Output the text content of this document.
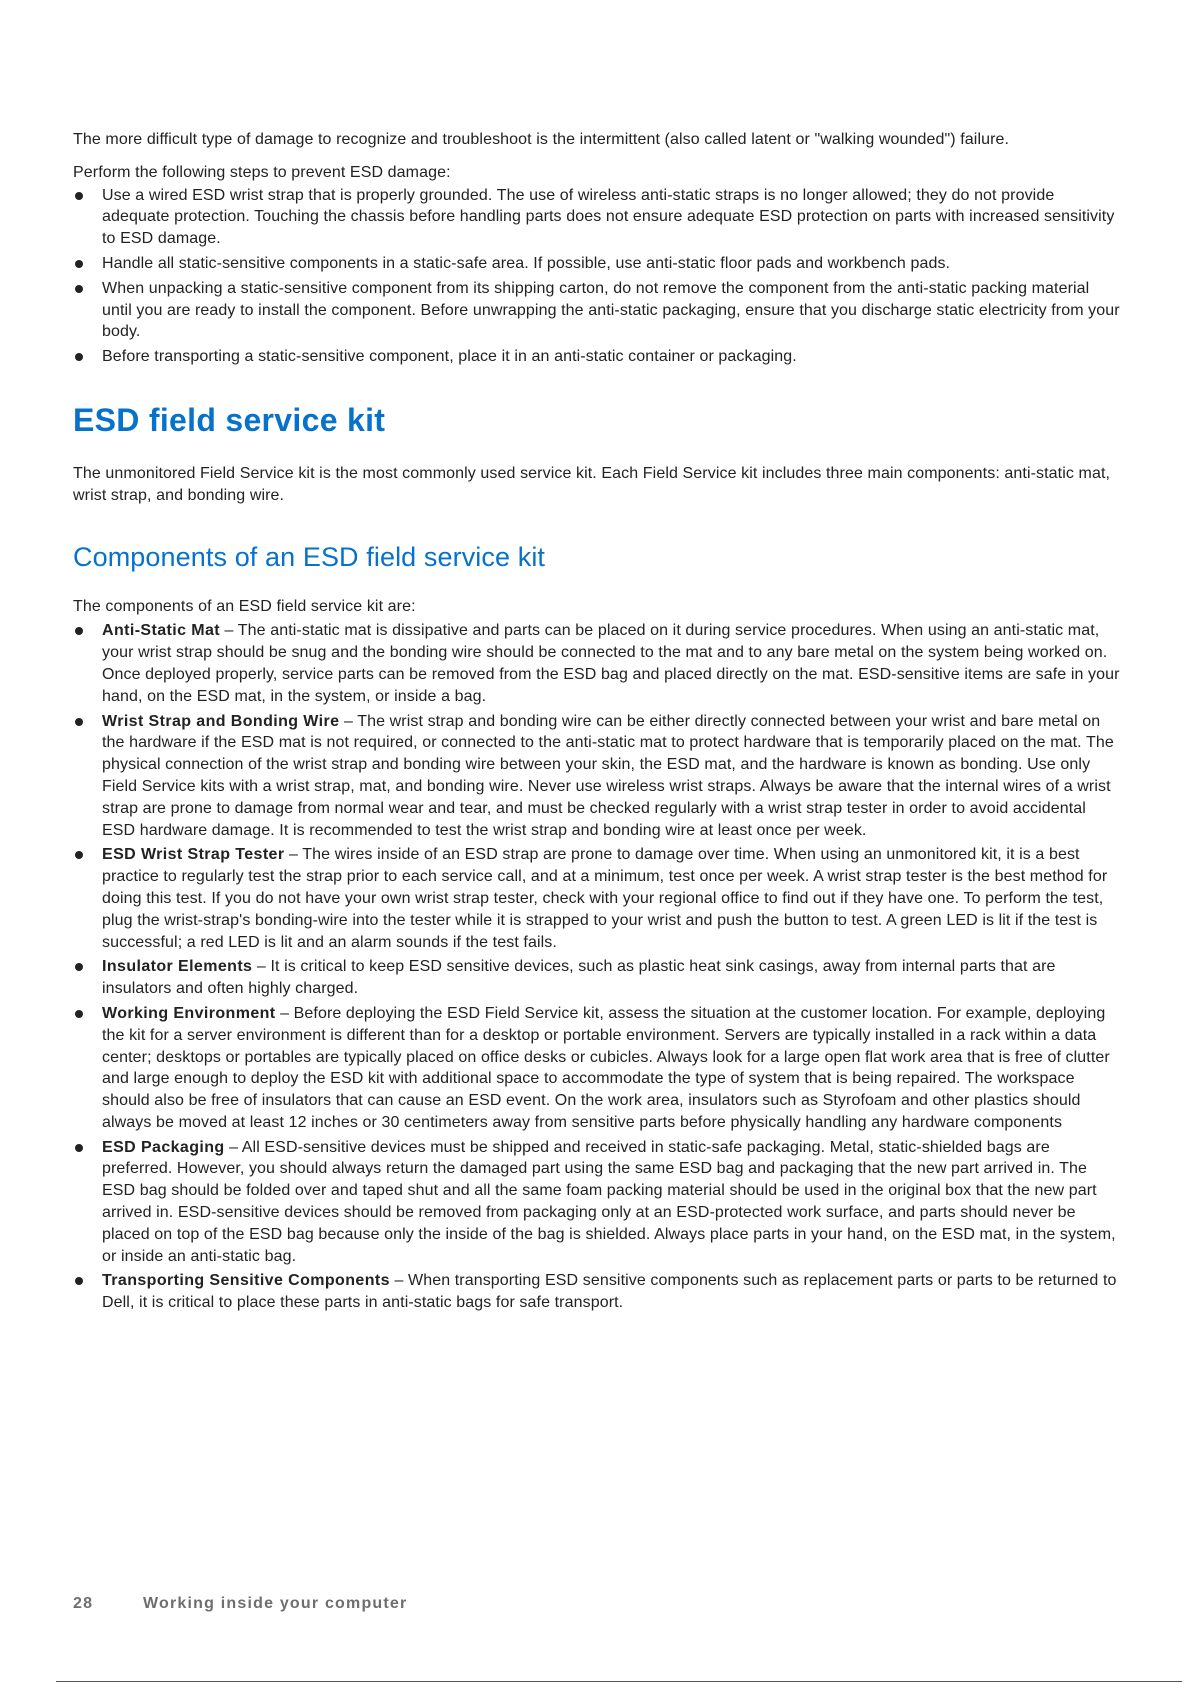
The more difficult type of damage to recognize and troubleshoot is the intermittent (also called latent or "walking wounded") failure.

Perform the following steps to prevent ESD damage:

Use a wired ESD wrist strap that is properly grounded. The use of wireless anti-static straps is no longer allowed; they do not provide adequate protection. Touching the chassis before handling parts does not ensure adequate ESD protection on parts with increased sensitivity to ESD damage.
Handle all static-sensitive components in a static-safe area. If possible, use anti-static floor pads and workbench pads.
When unpacking a static-sensitive component from its shipping carton, do not remove the component from the anti-static packing material until you are ready to install the component. Before unwrapping the anti-static packaging, ensure that you discharge static electricity from your body.
Before transporting a static-sensitive component, place it in an anti-static container or packaging.
ESD field service kit

The unmonitored Field Service kit is the most commonly used service kit. Each Field Service kit includes three main components: anti-static mat, wrist strap, and bonding wire.

Components of an ESD field service kit

The components of an ESD field service kit are:

Anti-Static Mat – The anti-static mat is dissipative and parts can be placed on it during service procedures. When using an anti-static mat, your wrist strap should be snug and the bonding wire should be connected to the mat and to any bare metal on the system being worked on. Once deployed properly, service parts can be removed from the ESD bag and placed directly on the mat. ESD-sensitive items are safe in your hand, on the ESD mat, in the system, or inside a bag.
Wrist Strap and Bonding Wire – The wrist strap and bonding wire can be either directly connected between your wrist and bare metal on the hardware if the ESD mat is not required, or connected to the anti-static mat to protect hardware that is temporarily placed on the mat. The physical connection of the wrist strap and bonding wire between your skin, the ESD mat, and the hardware is known as bonding. Use only Field Service kits with a wrist strap, mat, and bonding wire. Never use wireless wrist straps. Always be aware that the internal wires of a wrist strap are prone to damage from normal wear and tear, and must be checked regularly with a wrist strap tester in order to avoid accidental ESD hardware damage. It is recommended to test the wrist strap and bonding wire at least once per week.
ESD Wrist Strap Tester – The wires inside of an ESD strap are prone to damage over time. When using an unmonitored kit, it is a best practice to regularly test the strap prior to each service call, and at a minimum, test once per week. A wrist strap tester is the best method for doing this test. If you do not have your own wrist strap tester, check with your regional office to find out if they have one. To perform the test, plug the wrist-strap's bonding-wire into the tester while it is strapped to your wrist and push the button to test. A green LED is lit if the test is successful; a red LED is lit and an alarm sounds if the test fails.
Insulator Elements – It is critical to keep ESD sensitive devices, such as plastic heat sink casings, away from internal parts that are insulators and often highly charged.
Working Environment – Before deploying the ESD Field Service kit, assess the situation at the customer location. For example, deploying the kit for a server environment is different than for a desktop or portable environment. Servers are typically installed in a rack within a data center; desktops or portables are typically placed on office desks or cubicles. Always look for a large open flat work area that is free of clutter and large enough to deploy the ESD kit with additional space to accommodate the type of system that is being repaired. The workspace should also be free of insulators that can cause an ESD event. On the work area, insulators such as Styrofoam and other plastics should always be moved at least 12 inches or 30 centimeters away from sensitive parts before physically handling any hardware components
ESD Packaging – All ESD-sensitive devices must be shipped and received in static-safe packaging. Metal, static-shielded bags are preferred. However, you should always return the damaged part using the same ESD bag and packaging that the new part arrived in. The ESD bag should be folded over and taped shut and all the same foam packing material should be used in the original box that the new part arrived in. ESD-sensitive devices should be removed from packaging only at an ESD-protected work surface, and parts should never be placed on top of the ESD bag because only the inside of the bag is shielded. Always place parts in your hand, on the ESD mat, in the system, or inside an anti-static bag.
Transporting Sensitive Components – When transporting ESD sensitive components such as replacement parts or parts to be returned to Dell, it is critical to place these parts in anti-static bags for safe transport.
28	Working inside your computer
